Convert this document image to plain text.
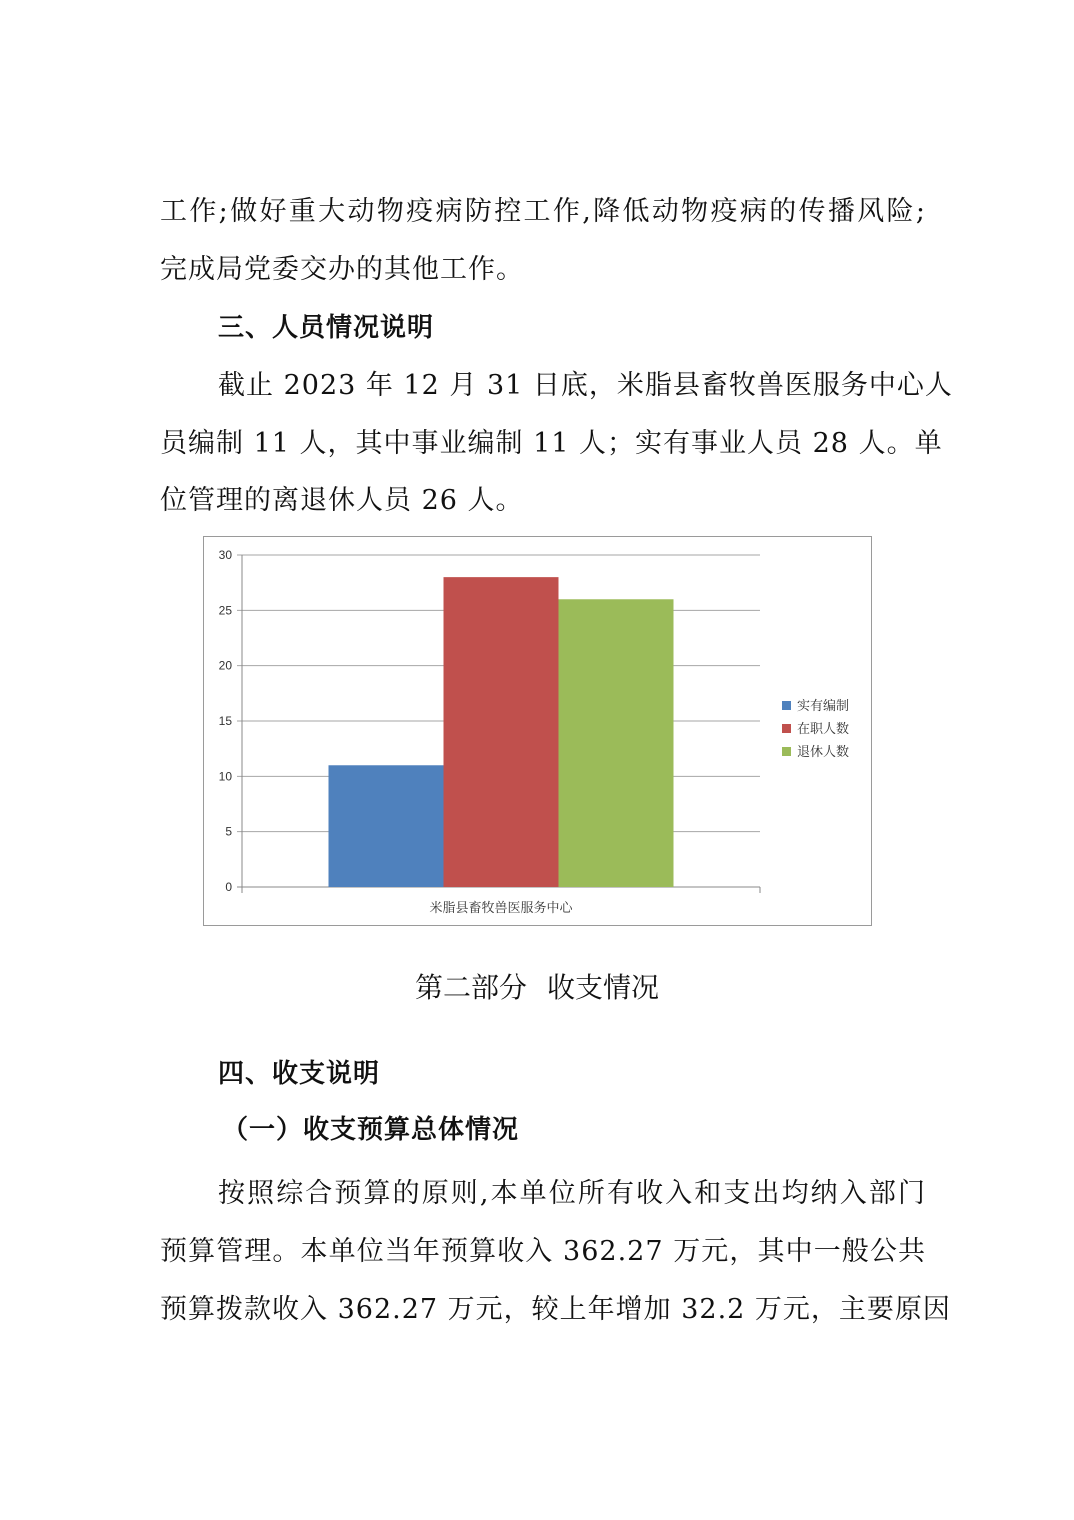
工作;做好重大动物疫病防控工作,降低动物疫病的传播风险;
完成局党委交办的其他工作。
三、人员情况说明
截止 2023 年 12 月 31 日底，米脂县畜牧兽医服务中心人
员编制 11 人，其中事业编制 11 人；实有事业人员 28 人。单
位管理的离退休人员 26 人。
0
5
10
15
20
25
30
米脂县畜牧兽医服务中心
实有编制
在职人数
退休人数
第二部分 收支情况
四、收支说明
（一）收支预算总体情况
按照综合预算的原则,本单位所有收入和支出均纳入部门
预算管理。本单位当年预算收入 362.27 万元，其中一般公共
预算拨款收入 362.27 万元，较上年增加 32.2 万元，主要原因
